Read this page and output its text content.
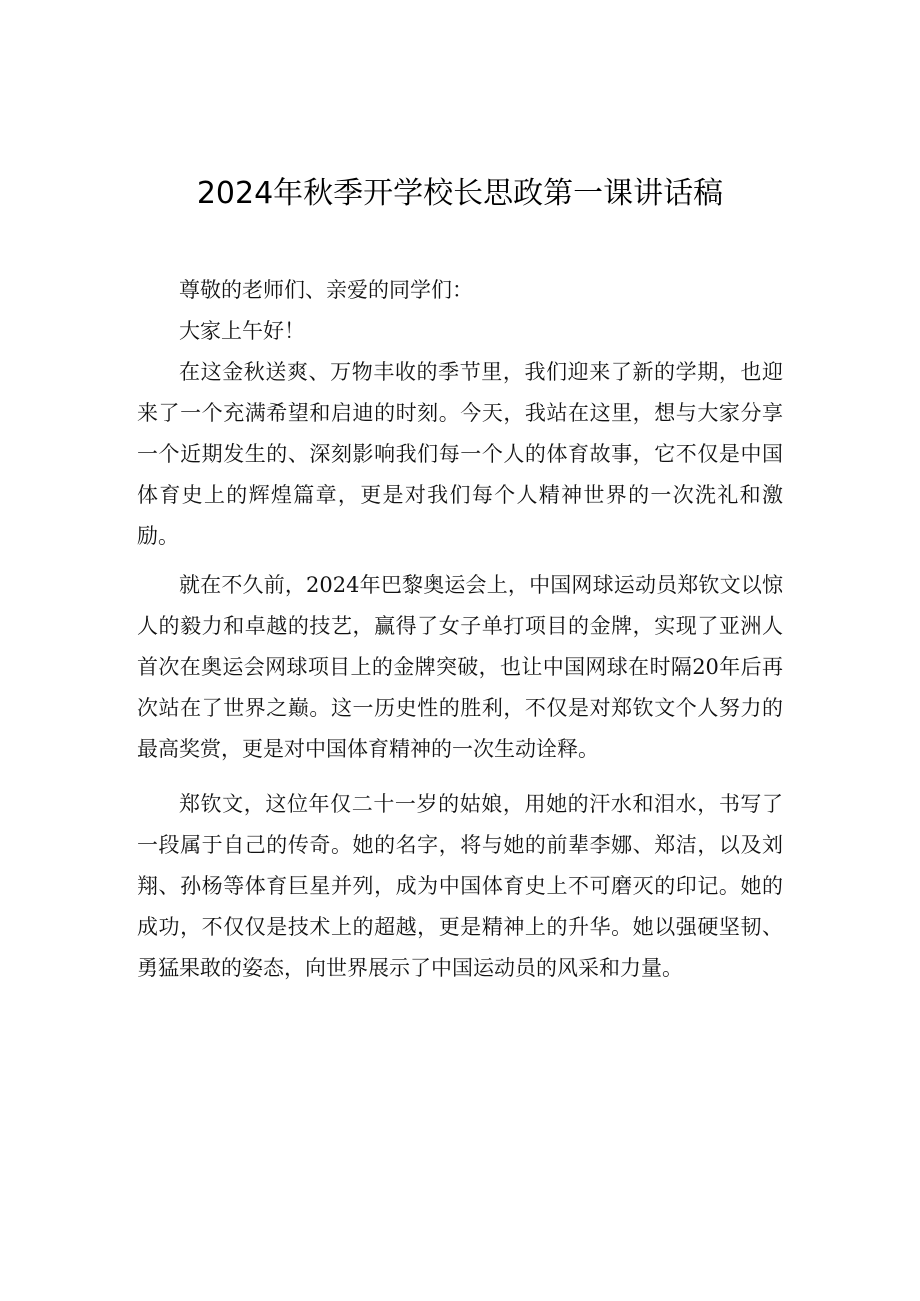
2024年秋季开学校长思政第一课讲话稿

尊敬的老师们、亲爱的同学们：

大家上午好！

在这金秋送爽、万物丰收的季节里，我们迎来了新的学期，也迎来了一个充满希望和启迪的时刻。今天，我站在这里，想与大家分享一个近期发生的、深刻影响我们每一个人的体育故事，它不仅是中国体育史上的辉煌篇章，更是对我们每个人精神世界的一次洗礼和激励。

就在不久前，2024年巴黎奥运会上，中国网球运动员郑钦文以惊人的毅力和卓越的技艺，赢得了女子单打项目的金牌，实现了亚洲人首次在奥运会网球项目上的金牌突破，也让中国网球在时隔20年后再次站在了世界之巅。这一历史性的胜利，不仅是对郑钦文个人努力的最高奖赏，更是对中国体育精神的一次生动诠释。

郑钦文，这位年仅二十一岁的姑娘，用她的汗水和泪水，书写了一段属于自己的传奇。她的名字，将与她的前辈李娜、郑洁，以及刘翔、孙杨等体育巨星并列，成为中国体育史上不可磨灭的印记。她的成功，不仅仅是技术上的超越，更是精神上的升华。她以强硬坚韧、勇猛果敢的姿态，向世界展示了中国运动员的风采和力量。
